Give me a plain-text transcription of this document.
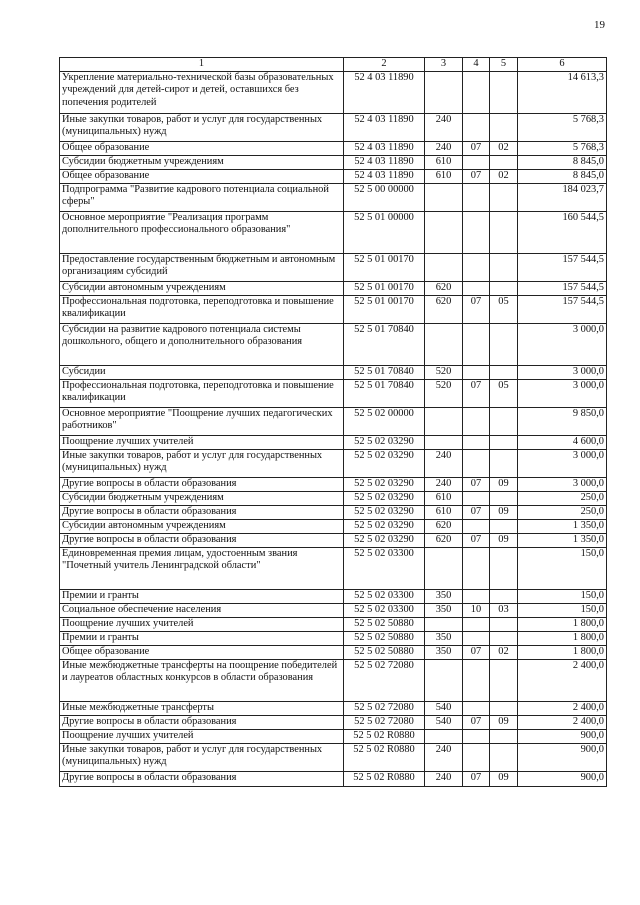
19
1	2	3	4	5	6
Укрепление материально-технической базы образовательных учреждений для детей-сирот и детей, оставшихся без попечения родителей	52 4 03 11890				14 613,3
Иные закупки товаров, работ и услуг для государственных (муниципальных) нужд	52 4 03 11890	240			5 768,3
Общее образование	52 4 03 11890	240	07	02	5 768,3
Субсидии бюджетным учреждениям	52 4 03 11890	610			8 845,0
Общее образование	52 4 03 11890	610	07	02	8 845,0
Подпрограмма "Развитие кадрового потенциала социальной сферы"	52 5 00 00000				184 023,7
Основное мероприятие "Реализация программ дополнительного профессионального образования"	52 5 01 00000				160 544,5
Предоставление государственным бюджетным и автономным организациям субсидий	52 5 01 00170				157 544,5
Субсидии автономным учреждениям	52 5 01 00170	620			157 544,5
Профессиональная подготовка, переподготовка и повышение квалификации	52 5 01 00170	620	07	05	157 544,5
Субсидии на развитие кадрового потенциала системы дошкольного, общего и дополнительного образования	52 5 01 70840				3 000,0
Субсидии	52 5 01 70840	520			3 000,0
Профессиональная подготовка, переподготовка и повышение квалификации	52 5 01 70840	520	07	05	3 000,0
Основное мероприятие "Поощрение лучших педагогических работников"	52 5 02 00000				9 850,0
Поощрение лучших учителей	52 5 02 03290				4 600,0
Иные закупки товаров, работ и услуг для государственных (муниципальных) нужд	52 5 02 03290	240			3 000,0
Другие вопросы в области образования	52 5 02 03290	240	07	09	3 000,0
Субсидии бюджетным учреждениям	52 5 02 03290	610			250,0
Другие вопросы в области образования	52 5 02 03290	610	07	09	250,0
Субсидии автономным учреждениям	52 5 02 03290	620			1 350,0
Другие вопросы в области образования	52 5 02 03290	620	07	09	1 350,0
Единовременная премия лицам, удостоенным звания "Почетный учитель Ленинградской области"	52 5 02 03300				150,0
Премии и гранты	52 5 02 03300	350			150,0
Социальное обеспечение населения	52 5 02 03300	350	10	03	150,0
Поощрение лучших учителей	52 5 02 50880				1 800,0
Премии и гранты	52 5 02 50880	350			1 800,0
Общее образование	52 5 02 50880	350	07	02	1 800,0
Иные межбюджетные трансферты на поощрение победителей и лауреатов областных конкурсов в области образования	52 5 02 72080				2 400,0
Иные межбюджетные трансферты	52 5 02 72080	540			2 400,0
Другие вопросы в области образования	52 5 02 72080	540	07	09	2 400,0
Поощрение лучших учителей	52 5 02 R0880				900,0
Иные закупки товаров, работ и услуг для государственных (муниципальных) нужд	52 5 02 R0880	240			900,0
Другие вопросы в области образования	52 5 02 R0880	240	07	09	900,0
